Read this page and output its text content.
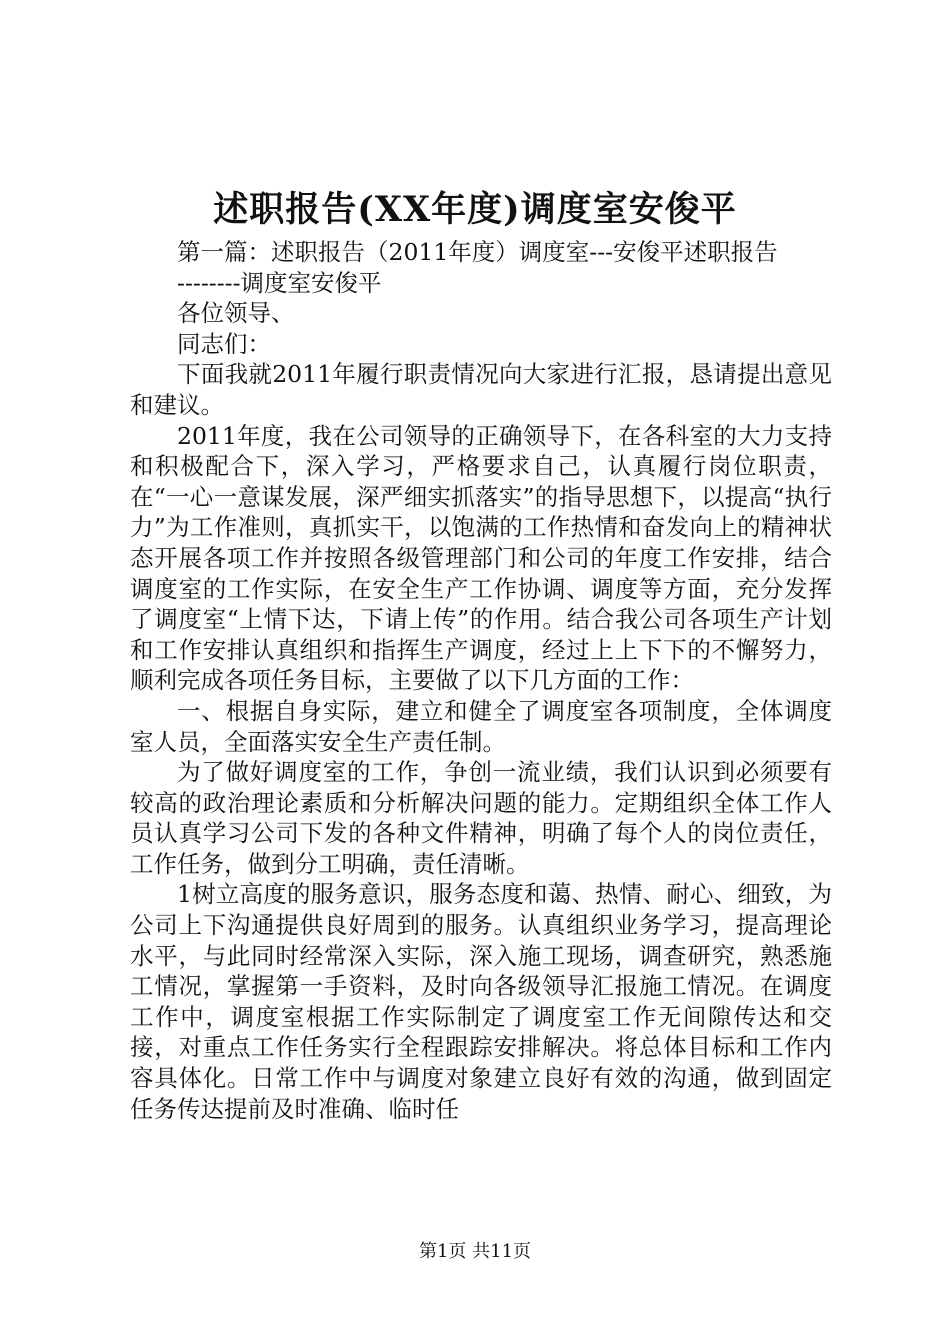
述职报告(XX年度)调度室安俊平

第一篇：述职报告（2011年度）调度室---安俊平述职报告

--------调度室安俊平

各位领导、

同志们：

下面我就2011年履行职责情况向大家进行汇报，恳请提出意见和建议。

2011年度，我在公司领导的正确领导下，在各科室的大力支持和积极配合下，深入学习，严格要求自己，认真履行岗位职责，在“一心一意谋发展，深严细实抓落实”的指导思想下，以提高“执行力”为工作准则，真抓实干，以饱满的工作热情和奋发向上的精神状态开展各项工作并按照各级管理部门和公司的年度工作安排，结合调度室的工作实际，在安全生产工作协调、调度等方面，充分发挥了调度室“上情下达，下请上传”的作用。结合我公司各项生产计划和工作安排认真组织和指挥生产调度，经过上上下下的不懈努力，顺利完成各项任务目标，主要做了以下几方面的工作：

一、根据自身实际，建立和健全了调度室各项制度，全体调度室人员，全面落实安全生产责任制。

为了做好调度室的工作，争创一流业绩，我们认识到必须要有较高的政治理论素质和分析解决问题的能力。定期组织全体工作人员认真学习公司下发的各种文件精神，明确了每个人的岗位责任，工作任务，做到分工明确，责任清晰。

1树立高度的服务意识，服务态度和蔼、热情、耐心、细致，为公司上下沟通提供良好周到的服务。认真组织业务学习，提高理论水平，与此同时经常深入实际，深入施工现场，调查研究，熟悉施工情况，掌握第一手资料，及时向各级领导汇报施工情况。在调度工作中，调度室根据工作实际制定了调度室工作无间隙传达和交接，对重点工作任务实行全程跟踪安排解决。将总体目标和工作内容具体化。日常工作中与调度对象建立良好有效的沟通，做到固定任务传达提前及时准确、临时任

第1页 共11页
